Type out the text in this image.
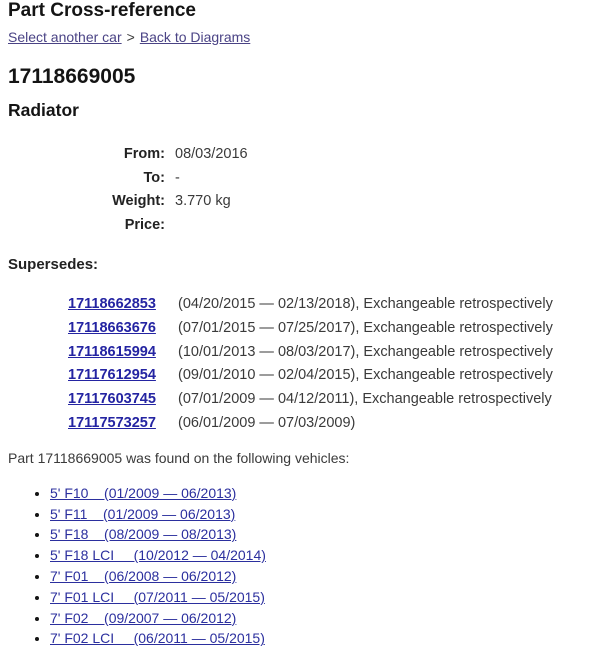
Part Cross-reference
Select another car > Back to Diagrams
17118669005
Radiator
From: 08/03/2016
To: -
Weight: 3.770 kg
Price:
Supersedes:
17118662853	(04/20/2015 — 02/13/2018), Exchangeable retrospectively
17118663676	(07/01/2015 — 07/25/2017), Exchangeable retrospectively
17118615994	(10/01/2013 — 08/03/2017), Exchangeable retrospectively
17117612954	(09/01/2010 — 02/04/2015), Exchangeable retrospectively
17117603745	(07/01/2009 — 04/12/2011), Exchangeable retrospectively
17117573257	(06/01/2009 — 07/03/2009)

Part 17118669005 was found on the following vehicles:

• 5' F10    (01/2009 — 06/2013)
• 5' F11    (01/2009 — 06/2013)
• 5' F18    (08/2009 — 08/2013)
• 5' F18 LCI     (10/2012 — 04/2014)
• 7' F01    (06/2008 — 06/2012)
• 7' F01 LCI     (07/2011 — 05/2015)
• 7' F02    (09/2007 — 06/2012)
• 7' F02 LCI     (06/2011 — 05/2015)
